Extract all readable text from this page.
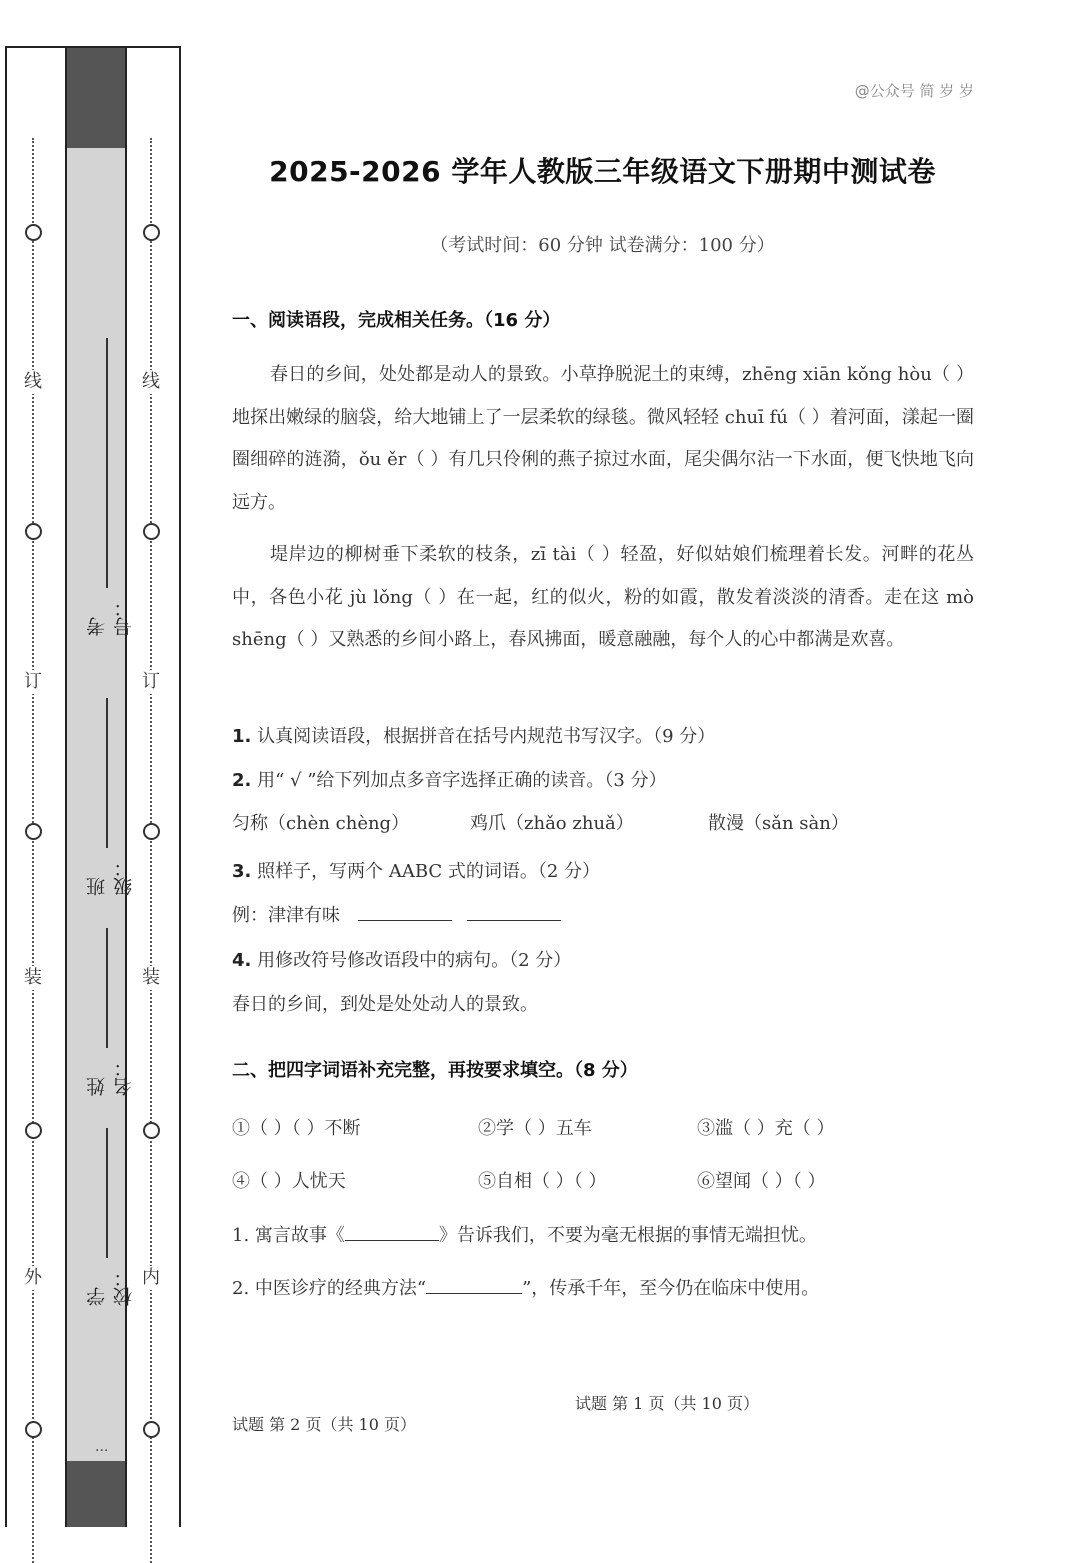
线
订
装
外
线
订
装
内
...
考号：
班级：
姓名：
学校：
@公众号 简 岁 岁
2025-2026 学年人教版三年级语文下册期中测试卷
（考试时间：60 分钟 试卷满分：100 分）
一、阅读语段，完成相关任务。（16 分）

春日的乡间，处处都是动人的景致。小草挣脱泥土的束缚，zhēng xiān kǒng hòu（ ）地探出嫩绿的脑袋，给大地铺上了一层柔软的绿毯。微风轻轻 chuī fú（ ）着河面，漾起一圈圈细碎的涟漪，ǒu ěr（ ）有几只伶俐的燕子掠过水面，尾尖偶尔沾一下水面，便飞快地飞向远方。

堤岸边的柳树垂下柔软的枝条，zī tài（ ）轻盈，好似姑娘们梳理着长发。河畔的花丛中，各色小花 jù lǒng（ ）在一起，红的似火，粉的如霞，散发着淡淡的清香。走在这 mò shēng（ ）又熟悉的乡间小路上，春风拂面，暖意融融，每个人的心中都满是欢喜。

1. 认真阅读语段，根据拼音在括号内规范书写汉字。（9 分）
2. 用“ √ ”给下列加点多音字选择正确的读音。（3 分）
匀称（chèn chèng）	鸡爪（zhǎo zhuǎ）	散漫（sǎn sàn）
3. 照样子，写两个 AABC 式的词语。（2 分）
例：津津有味
4. 用修改符号修改语段中的病句。（2 分）
春日的乡间，到处是处处动人的景致。
二、把四字词语补充完整，再按要求填空。（8 分）
①（ ）（ ）不断	②学（ ）五车	③滥（ ）充（ ）
④（ ）人忧天	⑤自相（ ）（ ）	⑥望闻（ ）（ ）
1. 寓言故事《	》告诉我们，不要为毫无根据的事情无端担忧。
2. 中医诊疗的经典方法“	”，传承千年，至今仍在临床中使用。
试题 第 1 页（共 10 页）
试题 第 2 页（共 10 页）
